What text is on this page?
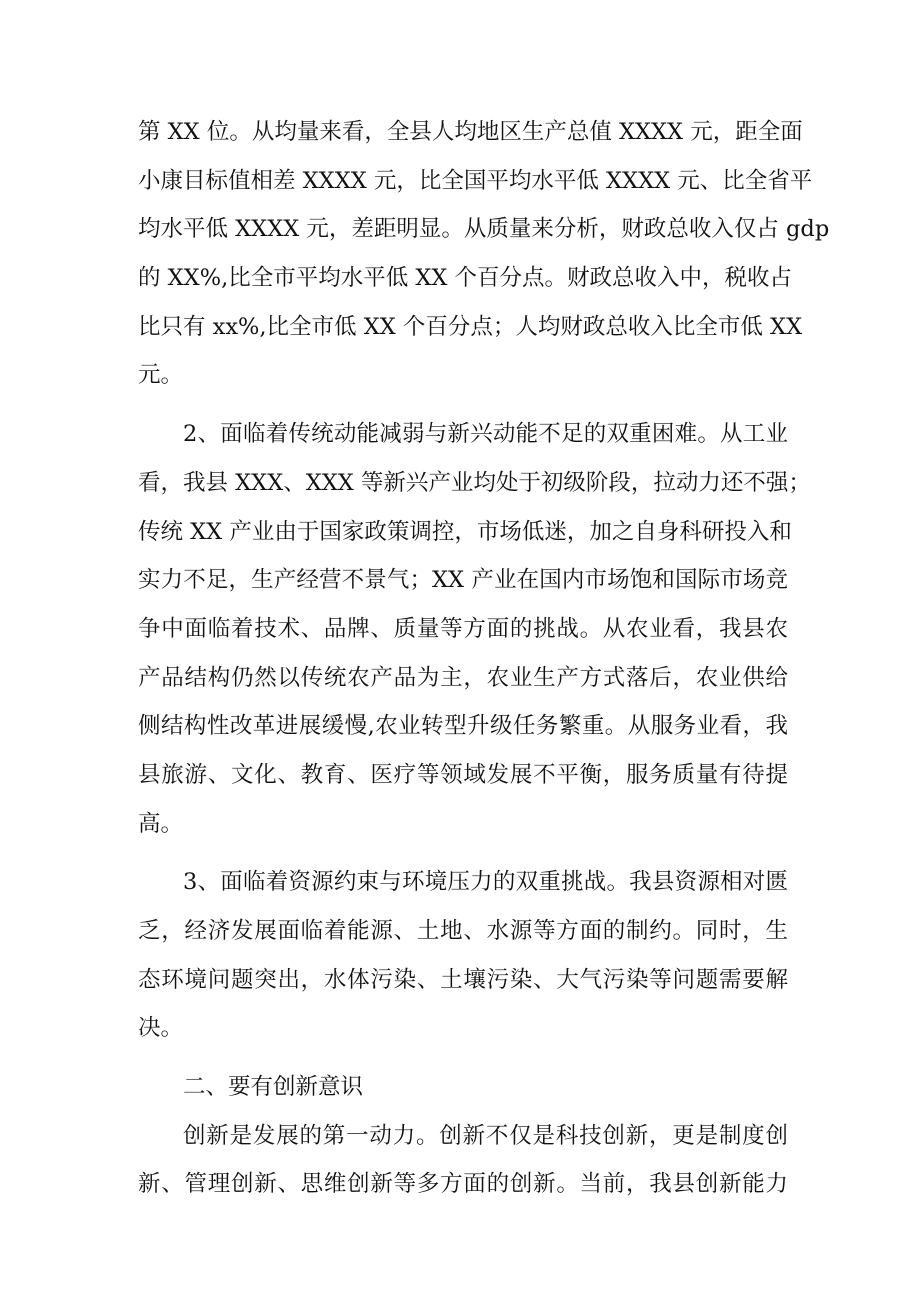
第 XX 位。从均量来看，全县人均地区生产总值 XXXX 元，距全面
小康目标值相差 XXXX 元，比全国平均水平低 XXXX 元、比全省平
均水平低 XXXX 元，差距明显。从质量来分析，财政总收入仅占 gdp
的 XX%,比全市平均水平低 XX 个百分点。财政总收入中，税收占
比只有 xx%,比全市低 XX 个百分点；人均财政总收入比全市低 XX
元。
2、面临着传统动能减弱与新兴动能不足的双重困难。从工业
看，我县 XXX、XXX 等新兴产业均处于初级阶段，拉动力还不强；
传统 XX 产业由于国家政策调控，市场低迷，加之自身科研投入和
实力不足，生产经营不景气；XX 产业在国内市场饱和国际市场竞
争中面临着技术、品牌、质量等方面的挑战。从农业看，我县农
产品结构仍然以传统农产品为主，农业生产方式落后，农业供给
侧结构性改革进展缓慢,农业转型升级任务繁重。从服务业看，我
县旅游、文化、教育、医疗等领域发展不平衡，服务质量有待提
高。
3、面临着资源约束与环境压力的双重挑战。我县资源相对匮
乏，经济发展面临着能源、土地、水源等方面的制约。同时，生
态环境问题突出，水体污染、土壤污染、大气污染等问题需要解
决。
二、要有创新意识
创新是发展的第一动力。创新不仅是科技创新，更是制度创
新、管理创新、思维创新等多方面的创新。当前，我县创新能力
